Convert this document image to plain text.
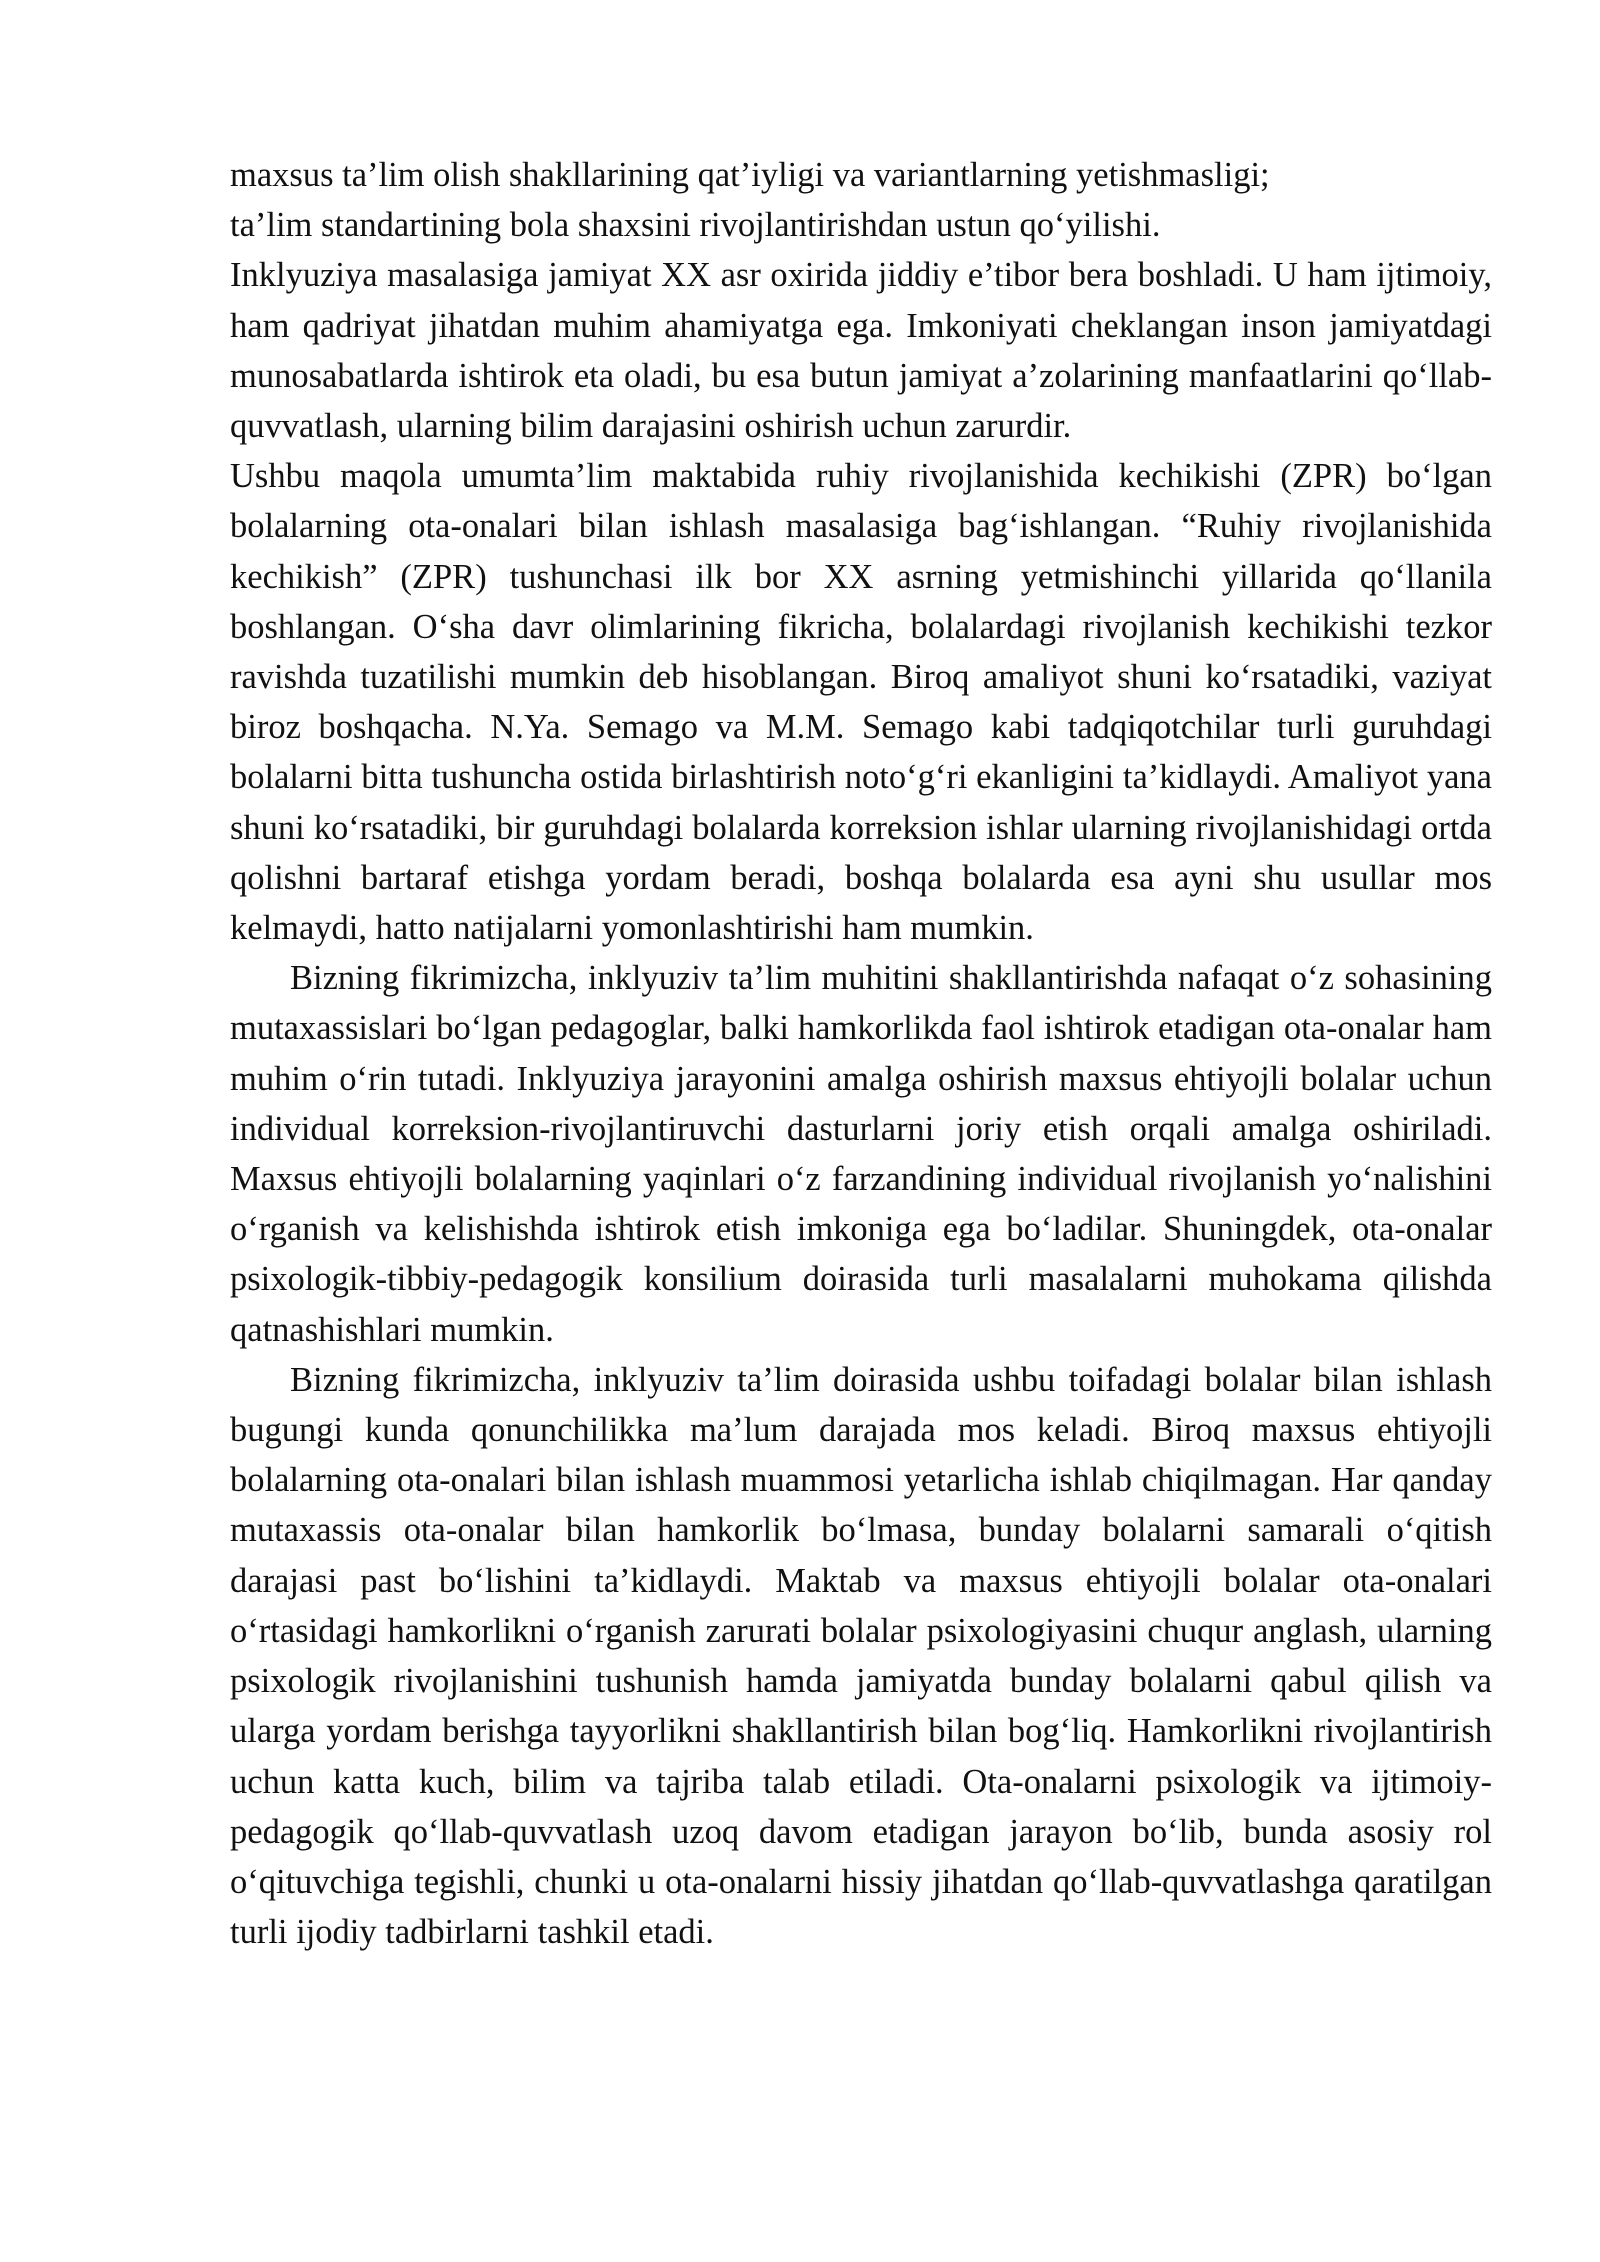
maxsus ta’lim olish shakllarining qat’iyligi va variantlarning yetishmasligi;

ta’lim standartining bola shaxsini rivojlantirishdan ustun qo‘yilishi.

Inklyuziya masalasiga jamiyat XX asr oxirida jiddiy e’tibor bera boshladi. U ham ijtimoiy, ham qadriyat jihatdan muhim ahamiyatga ega. Imkoniyati cheklangan inson jamiyatdagi munosabatlarda ishtirok eta oladi, bu esa butun jamiyat a’zolarining manfaatlarini qo‘llab-quvvatlash, ularning bilim darajasini oshirish uchun zarurdir.

Ushbu maqola umumta’lim maktabida ruhiy rivojlanishida kechikishi (ZPR) bo‘lgan bolalarning ota-onalari bilan ishlash masalasiga bag‘ishlangan. “Ruhiy rivojlanishida kechikish” (ZPR) tushunchasi ilk bor XX asrning yetmishinchi yillarida qo‘llanila boshlangan. O‘sha davr olimlarining fikricha, bolalardagi rivojlanish kechikishi tezkor ravishda tuzatilishi mumkin deb hisoblangan. Biroq amaliyot shuni ko‘rsatadiki, vaziyat biroz boshqacha. N.Ya. Semago va M.M. Semago kabi tadqiqotchilar turli guruhdagi bolalarni bitta tushuncha ostida birlashtirish noto‘g‘ri ekanligini ta’kidlaydi. Amaliyot yana shuni ko‘rsatadiki, bir guruhdagi bolalarda korreksion ishlar ularning rivojlanishidagi ortda qolishni bartaraf etishga yordam beradi, boshqa bolalarda esa ayni shu usullar mos kelmaydi, hatto natijalarni yomonlashtirishi ham mumkin.

Bizning fikrimizcha, inklyuziv ta’lim muhitini shakllantirishda nafaqat o‘z sohasining mutaxassislari bo‘lgan pedagoglar, balki hamkorlikda faol ishtirok etadigan ota-onalar ham muhim o‘rin tutadi. Inklyuziya jarayonini amalga oshirish maxsus ehtiyojli bolalar uchun individual korreksion-rivojlantiruvchi dasturlarni joriy etish orqali amalga oshiriladi. Maxsus ehtiyojli bolalarning yaqinlari o‘z farzandining individual rivojlanish yo‘nalishini o‘rganish va kelishishda ishtirok etish imkoniga ega bo‘ladilar. Shuningdek, ota-onalar psixologik-tibbiy-pedagogik konsilium doirasida turli masalalarni muhokama qilishda qatnashishlari mumkin.

Bizning fikrimizcha, inklyuziv ta’lim doirasida ushbu toifadagi bolalar bilan ishlash bugungi kunda qonunchilikka ma’lum darajada mos keladi. Biroq maxsus ehtiyojli bolalarning ota-onalari bilan ishlash muammosi yetarlicha ishlab chiqilmagan. Har qanday mutaxassis ota-onalar bilan hamkorlik bo‘lmasa, bunday bolalarni samarali o‘qitish darajasi past bo‘lishini ta’kidlaydi. Maktab va maxsus ehtiyojli bolalar ota-onalari o‘rtasidagi hamkorlikni o‘rganish zarurati bolalar psixologiyasini chuqur anglash, ularning psixologik rivojlanishini tushunish hamda jamiyatda bunday bolalarni qabul qilish va ularga yordam berishga tayyorlikni shakllantirish bilan bog‘liq. Hamkorlikni rivojlantirish uchun katta kuch, bilim va tajriba talab etiladi. Ota-onalarni psixologik va ijtimoiy-pedagogik qo‘llab-quvvatlash uzoq davom etadigan jarayon bo‘lib, bunda asosiy rol o‘qituvchiga tegishli, chunki u ota-onalarni hissiy jihatdan qo‘llab-quvvatlashga qaratilgan turli ijodiy tadbirlarni tashkil etadi.
